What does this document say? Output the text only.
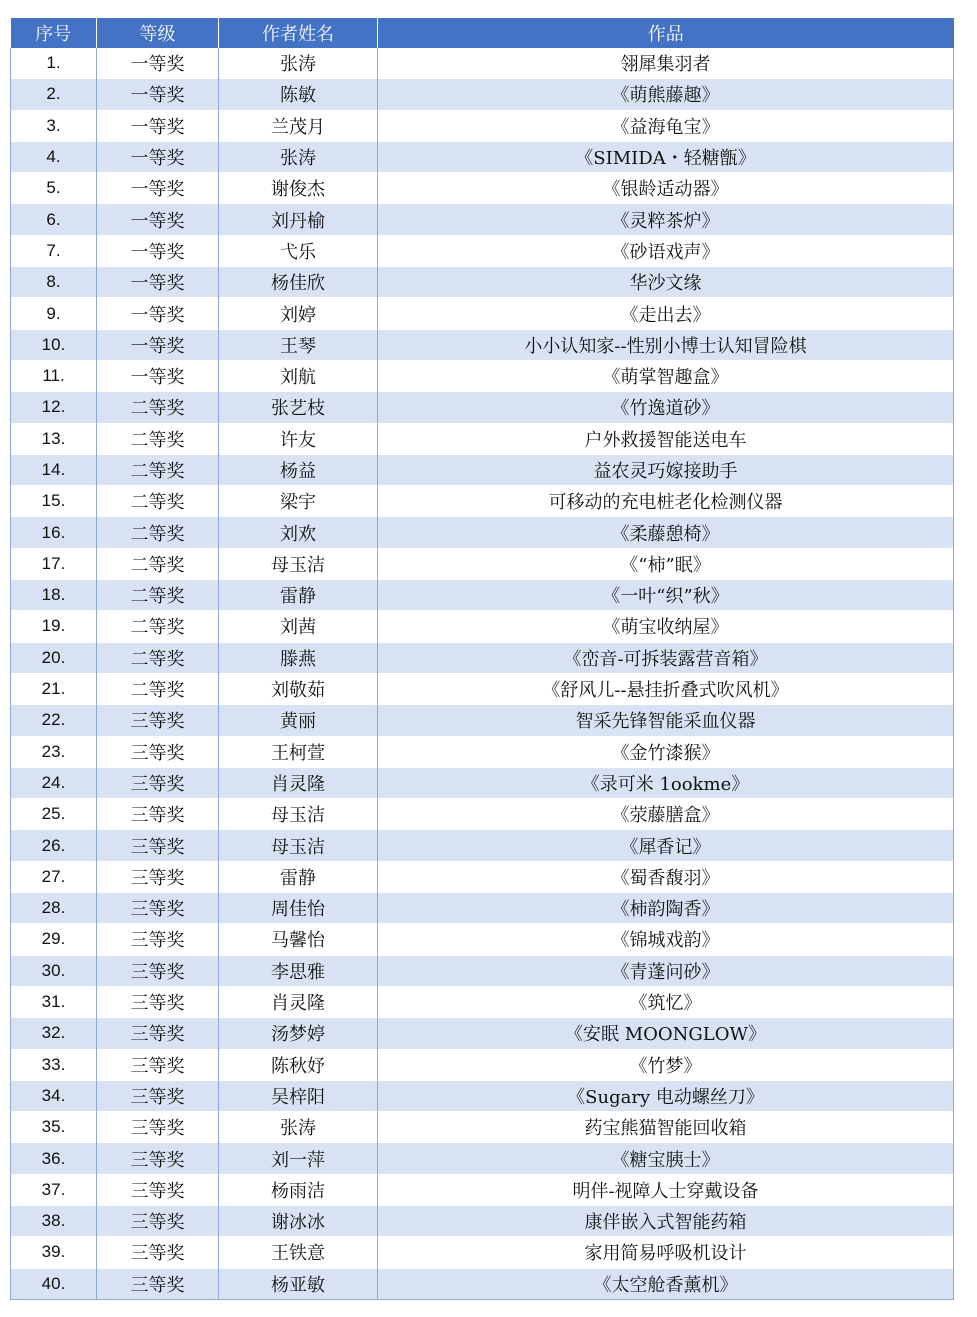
序号	等级	作者姓名	作品
1.	一等奖	张涛	翎犀集羽者
2.	一等奖	陈敏	《萌熊藤趣》
3.	一等奖	兰茂月	《益海龟宝》
4.	一等奖	张涛	《SIMIDA・轻糖甑》
5.	一等奖	谢俊杰	《银龄适动器》
6.	一等奖	刘丹榆	《灵粹茶炉》
7.	一等奖	弋乐	《砂语戏声》
8.	一等奖	杨佳欣	华沙文缘
9.	一等奖	刘婷	《走出去》
10.	一等奖	王琴	小小认知家--性别小博士认知冒险棋
11.	一等奖	刘航	《萌掌智趣盒》
12.	二等奖	张艺枝	《竹逸道砂》
13.	二等奖	许友	户外救援智能送电车
14.	二等奖	杨益	益农灵巧嫁接助手
15.	二等奖	梁宇	可移动的充电桩老化检测仪器
16.	二等奖	刘欢	《柔藤憩椅》
17.	二等奖	母玉洁	《“柿”眠》
18.	二等奖	雷静	《一叶“织”秋》
19.	二等奖	刘茜	《萌宝收纳屋》
20.	二等奖	滕燕	《峦音-可拆装露营音箱》
21.	二等奖	刘敬茹	《舒风儿--悬挂折叠式吹风机》
22.	三等奖	黄丽	智采先锋智能采血仪器
23.	三等奖	王柯萱	《金竹漆猴》
24.	三等奖	肖灵隆	《录可米 1ookme》
25.	三等奖	母玉洁	《荥藤膳盒》
26.	三等奖	母玉洁	《犀香记》
27.	三等奖	雷静	《蜀香馥羽》
28.	三等奖	周佳怡	《柿韵陶香》
29.	三等奖	马馨怡	《锦城戏韵》
30.	三等奖	李思雅	《青蓬问砂》
31.	三等奖	肖灵隆	《筑忆》
32.	三等奖	汤梦婷	《安眠 MOONGLOW》
33.	三等奖	陈秋妤	《竹梦》
34.	三等奖	吴梓阳	《Sugary 电动螺丝刀》
35.	三等奖	张涛	药宝熊猫智能回收箱
36.	三等奖	刘一萍	《糖宝胰士》
37.	三等奖	杨雨洁	明伴-视障人士穿戴设备
38.	三等奖	谢冰冰	康伴嵌入式智能药箱
39.	三等奖	王铁意	家用简易呼吸机设计
40.	三等奖	杨亚敏	《太空舱香薰机》
